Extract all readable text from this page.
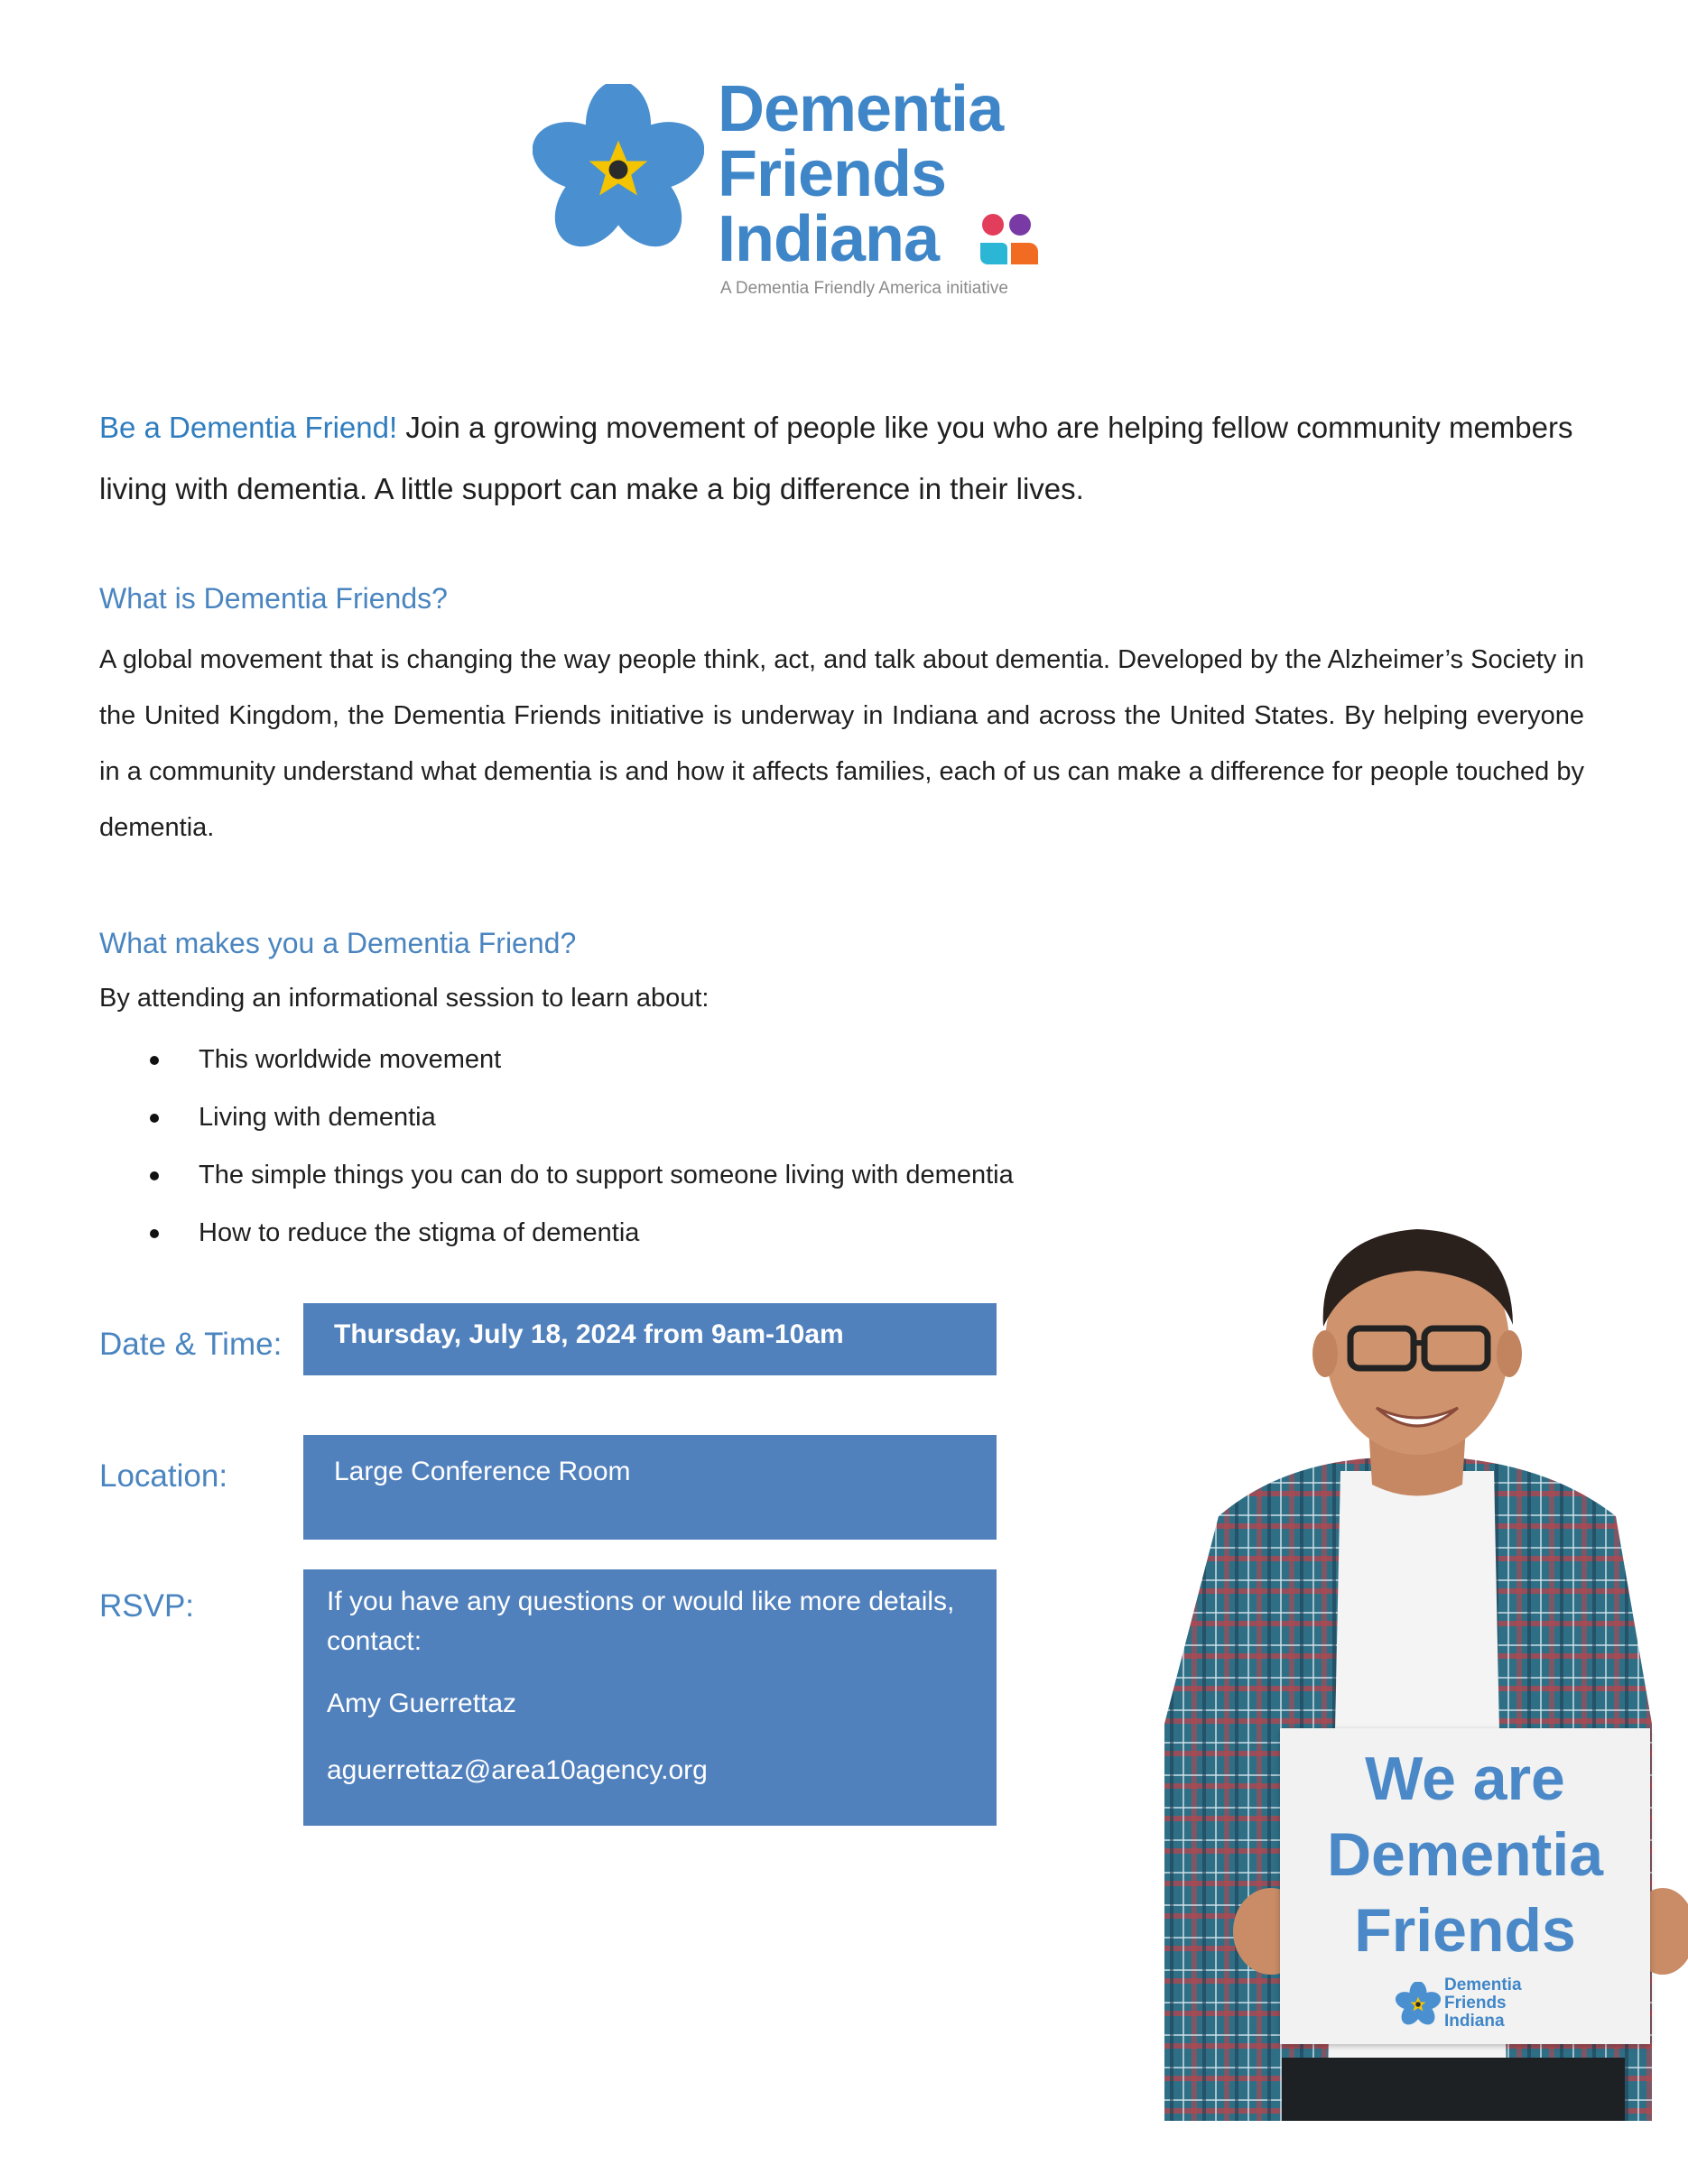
Dementia
Friends
Indiana
A Dementia Friendly America initiative
Be a Dementia Friend! Join a growing movement of people like you who are helping fellow community members living with dementia. A little support can make a big difference in their lives.
What is Dementia Friends?
A global movement that is changing the way people think, act, and talk about dementia. Developed by the Alzheimer’s Society in the United Kingdom, the Dementia Friends initiative is underway in Indiana and across the United States. By helping everyone in a community understand what dementia is and how it affects families, each of us can make a difference for people touched by dementia.
What makes you a Dementia Friend?
By attending an informational session to learn about:
This worldwide movement
Living with dementia
The simple things you can do to support someone living with dementia
How to reduce the stigma of dementia
Date & Time: Thursday, July 18, 2024 from 9am-10am
Location:	Large Conference Room
RSVP:	If you have any questions or would like more details, contact:
Amy Guerrettaz
aguerrettaz@area10agency.org	We are
Dementia
Friends
Dementia
Friends
Indiana
